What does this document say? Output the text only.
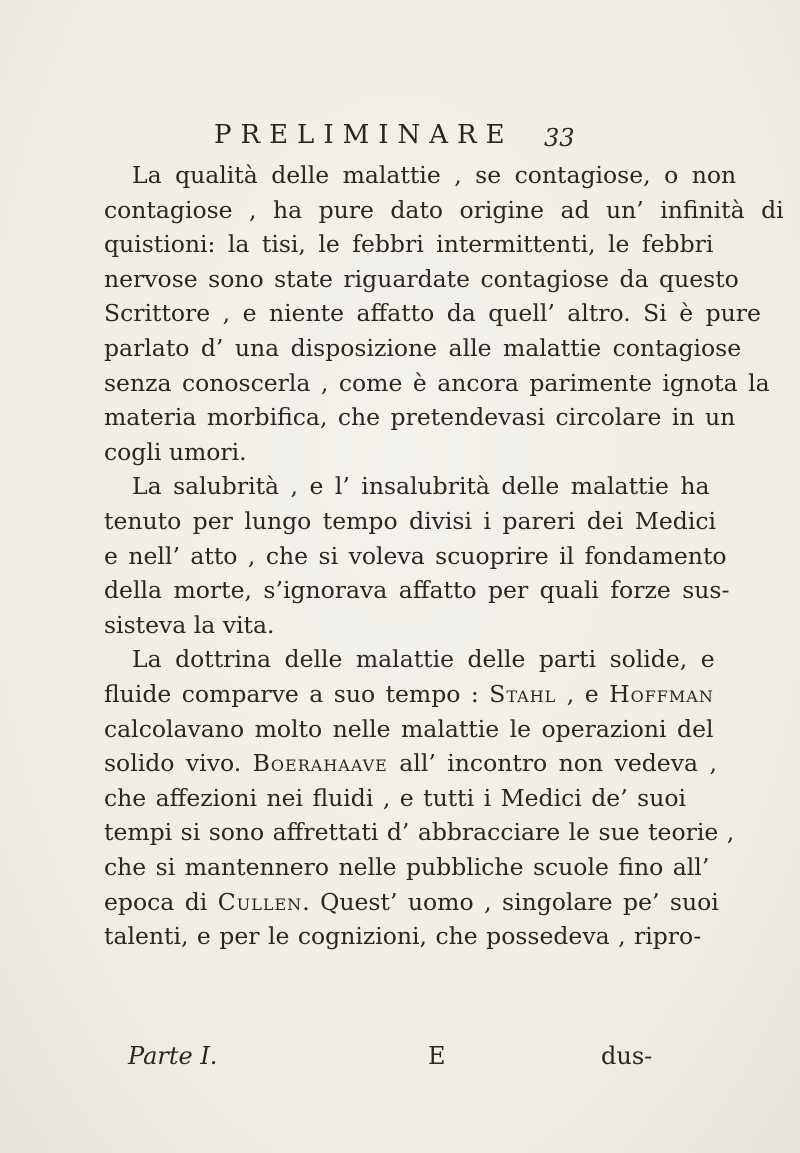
PRELIMINARE 33
La qualità delle malattie , se contagiose, o non
contagiose , ha pure dato origine ad un’ infinità di
quistioni: la tisi, le febbri intermittenti, le febbri
nervose sono state riguardate contagiose da questo
Scrittore , e niente affatto da quell’ altro. Si è pure
parlato d’ una disposizione alle malattie contagiose
senza conoscerla , come è ancora parimente ignota la
materia morbifica, che pretendevasi circolare in un
cogli umori.
La salubrità , e l’ insalubrità delle malattie ha
tenuto per lungo tempo divisi i pareri dei Medici
e nell’ atto , che si voleva scuoprire il fondamento
della morte, s’ignorava affatto per quali forze sus-
sisteva la vita.
La dottrina delle malattie delle parti solide, e
fluide comparve a suo tempo : Stahl , e Hoffman
calcolavano molto nelle malattie le operazioni del
solido vivo. Boerahaave all’ incontro non vedeva ,
che affezioni nei fluidi , e tutti i Medici de’ suoi
tempi si sono affrettati d’ abbracciare le sue teorie ,
che si mantennero nelle pubbliche scuole fino all’
epoca di Cullen. Quest’ uomo , singolare pe’ suoi
talenti, e per le cognizioni, che possedeva , ripro-
Parte I.	E	dus-
